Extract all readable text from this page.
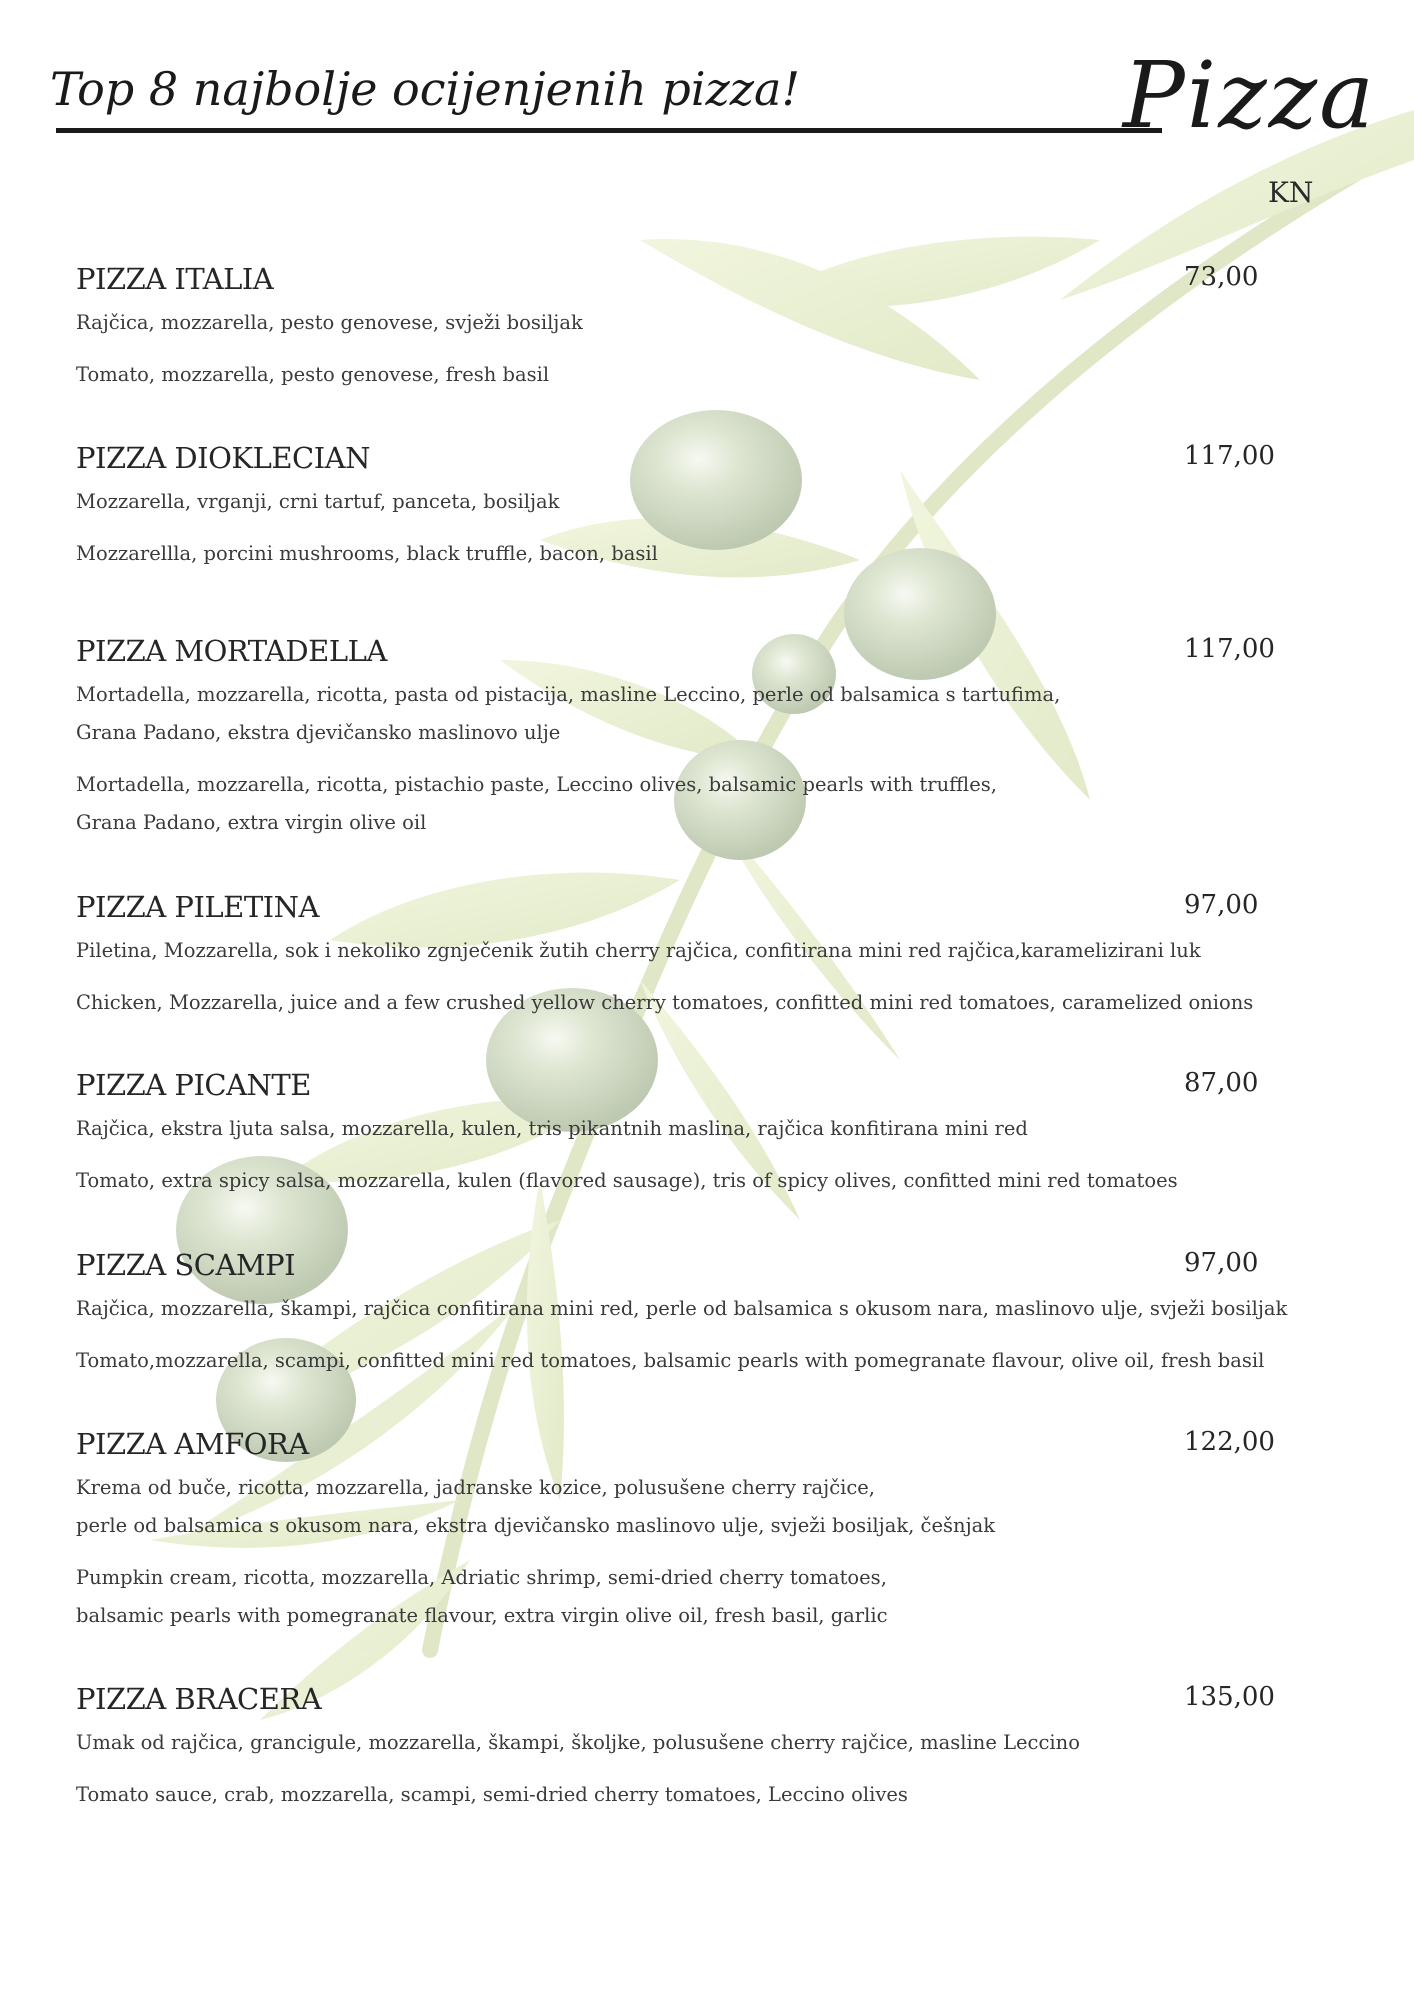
Top 8 najbolje ocijenjenih pizza!	Pizza
KN
PIZZA ITALIA	73,00
Rajčica, mozzarella, pesto genovese, svježi bosiljak
Tomato, mozzarella, pesto genovese, fresh basil
PIZZA DIOKLECIAN	117,00
Mozzarella, vrganji, crni tartuf, panceta, bosiljak
Mozzarellla, porcini mushrooms, black truffle, bacon, basil
PIZZA MORTADELLA	117,00
Mortadella, mozzarella, ricotta, pasta od pistacija, masline Leccino, perle od balsamica s tartufima,
Grana Padano, ekstra djevičansko maslinovo ulje
Mortadella, mozzarella, ricotta, pistachio paste, Leccino olives, balsamic pearls with truffles,
Grana Padano, extra virgin olive oil
PIZZA PILETINA	97,00
Piletina, Mozzarella, sok i nekoliko zgnječenik žutih cherry rajčica, confitirana mini red rajčica,karamelizirani luk
Chicken, Mozzarella, juice and a few crushed yellow cherry tomatoes, confitted mini red tomatoes, caramelized onions
PIZZA PICANTE	87,00
Rajčica, ekstra ljuta salsa, mozzarella, kulen, tris pikantnih maslina, rajčica konfitirana mini red
Tomato, extra spicy salsa, mozzarella, kulen (flavored sausage), tris of spicy olives, confitted mini red tomatoes
PIZZA SCAMPI	97,00
Rajčica, mozzarella, škampi, rajčica confitirana mini red, perle od balsamica s okusom nara, maslinovo ulje, svježi bosiljak
Tomato,mozzarella, scampi, confitted mini red tomatoes, balsamic pearls with pomegranate flavour, olive oil, fresh basil
PIZZA AMFORA	122,00
Krema od buče, ricotta, mozzarella, jadranske kozice, polusušene cherry rajčice,
perle od balsamica s okusom nara, ekstra djevičansko maslinovo ulje, svježi bosiljak, češnjak
Pumpkin cream, ricotta, mozzarella, Adriatic shrimp, semi-dried cherry tomatoes,
balsamic pearls with pomegranate flavour, extra virgin olive oil, fresh basil, garlic
PIZZA BRACERA	135,00
Umak od rajčica, grancigule, mozzarella, škampi, školjke, polusušene cherry rajčice, masline Leccino
Tomato sauce, crab, mozzarella, scampi, semi-dried cherry tomatoes, Leccino olives
